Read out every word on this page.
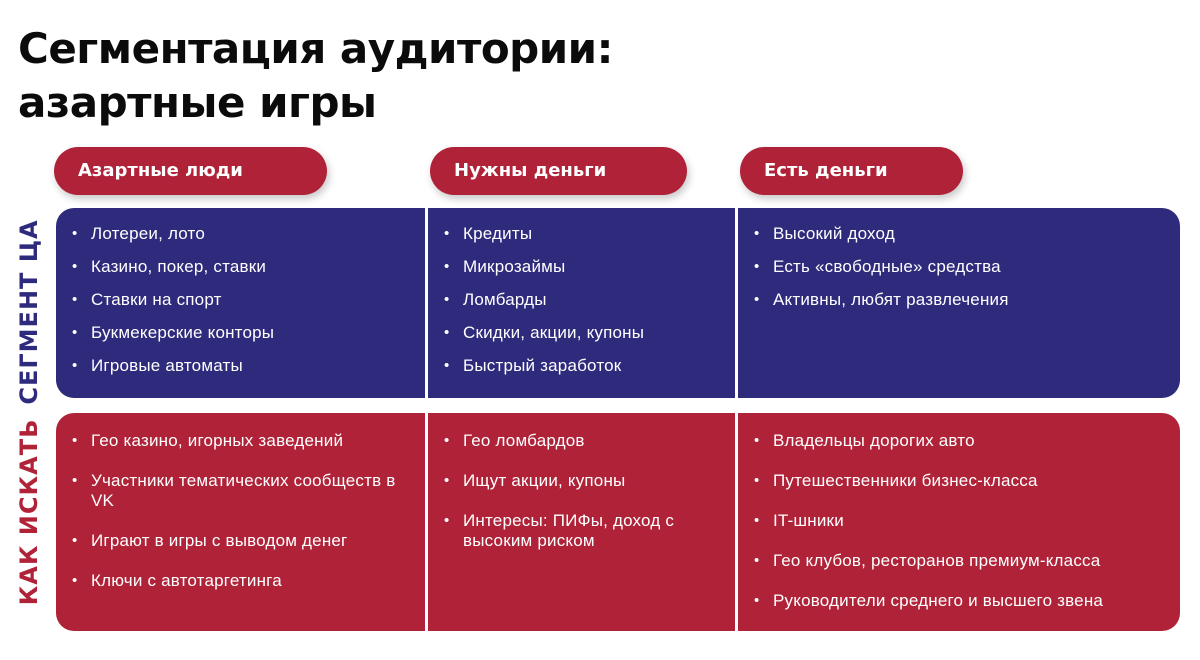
Сегментация аудитории:
азартные игры
Азартные люди	Нужны деньги	Есть деньги
СЕГМЕНТ ЦА
КАК ИСКАТЬ
• Лотереи, лото
• Казино, покер, ставки
• Ставки на спорт
• Букмекерские конторы
• Игровые автоматы
• Кредиты
• Микрозаймы
• Ломбарды
• Скидки, акции, купоны
• Быстрый заработок
• Высокий доход
• Есть «свободные» средства
• Активны, любят развлечения
• Гео казино, игорных заведений
• Участники тематических сообществ в VK
• Играют в игры с выводом денег
• Ключи с автотаргетинга
• Гео ломбардов
• Ищут акции, купоны
• Интересы: ПИФы, доход с высоким риском
• Владельцы дорогих авто
• Путешественники бизнес-класса
• IT-шники
• Гео клубов, ресторанов премиум-класса
• Руководители среднего и высшего звена
